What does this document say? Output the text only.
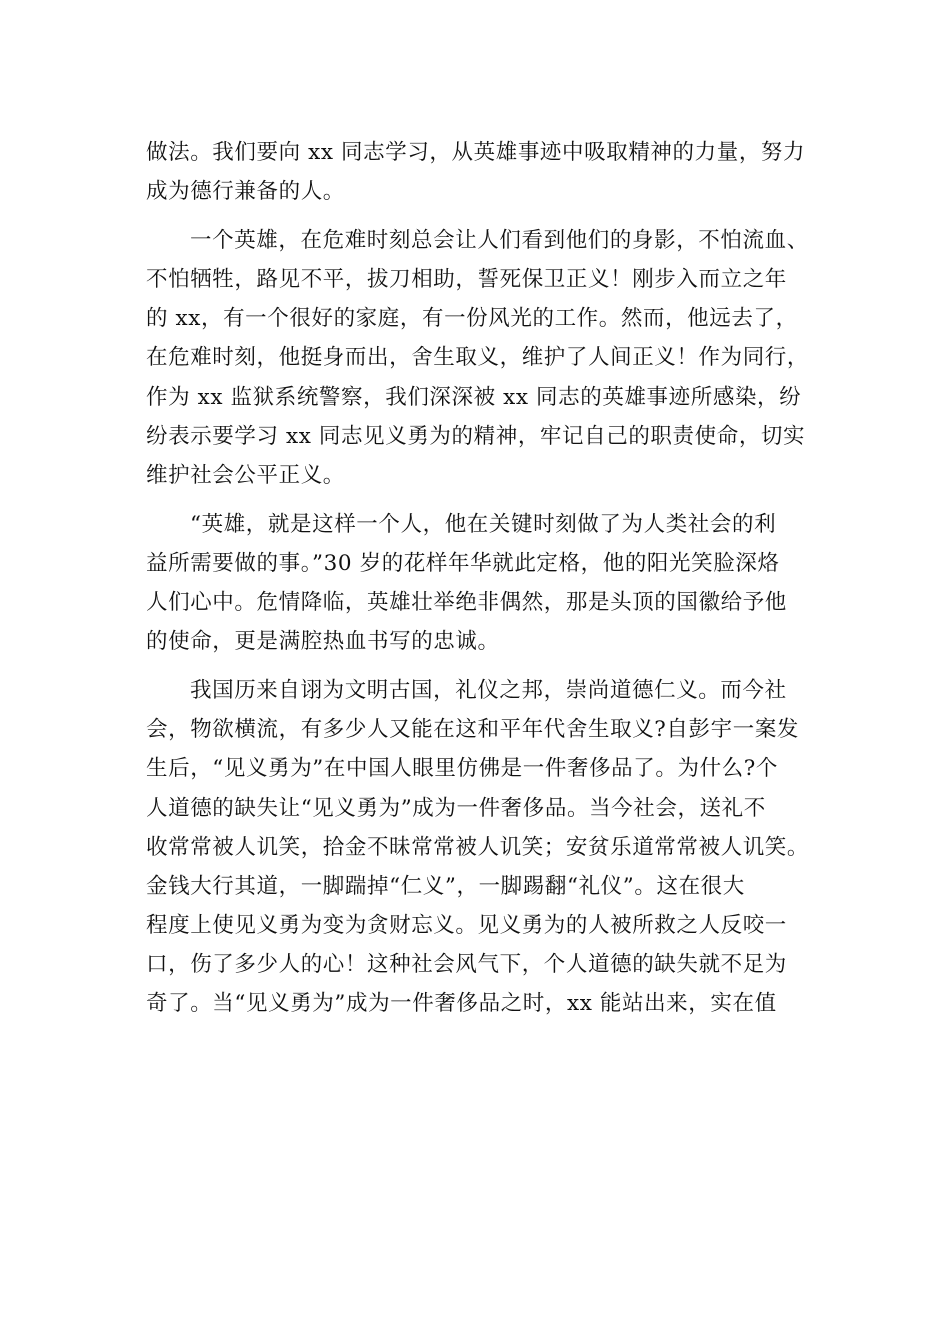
做法。我们要向 xx 同志学习，从英雄事迹中吸取精神的力量，努力
成为德行兼备的人。
一个英雄，在危难时刻总会让人们看到他们的身影，不怕流血、
不怕牺牲，路见不平，拔刀相助，誓死保卫正义！刚步入而立之年
的 xx，有一个很好的家庭，有一份风光的工作。然而，他远去了，
在危难时刻，他挺身而出，舍生取义，维护了人间正义！作为同行，
作为 xx 监狱系统警察，我们深深被 xx 同志的英雄事迹所感染，纷
纷表示要学习 xx 同志见义勇为的精神，牢记自己的职责使命，切实
维护社会公平正义。
“英雄，就是这样一个人，他在关键时刻做了为人类社会的利
益所需要做的事。”30 岁的花样年华就此定格，他的阳光笑脸深烙
人们心中。危情降临，英雄壮举绝非偶然，那是头顶的国徽给予他
的使命，更是满腔热血书写的忠诚。
我国历来自诩为文明古国，礼仪之邦，崇尚道德仁义。而今社
会，物欲横流，有多少人又能在这和平年代舍生取义?自彭宇一案发
生后，“见义勇为”在中国人眼里仿佛是一件奢侈品了。为什么?个
人道德的缺失让“见义勇为”成为一件奢侈品。当今社会，送礼不
收常常被人讥笑，拾金不昧常常被人讥笑；安贫乐道常常被人讥笑。
金钱大行其道，一脚踹掉“仁义”，一脚踢翻“礼仪”。这在很大
程度上使见义勇为变为贪财忘义。见义勇为的人被所救之人反咬一
口，伤了多少人的心！这种社会风气下，个人道德的缺失就不足为
奇了。当“见义勇为”成为一件奢侈品之时，xx 能站出来，实在值
